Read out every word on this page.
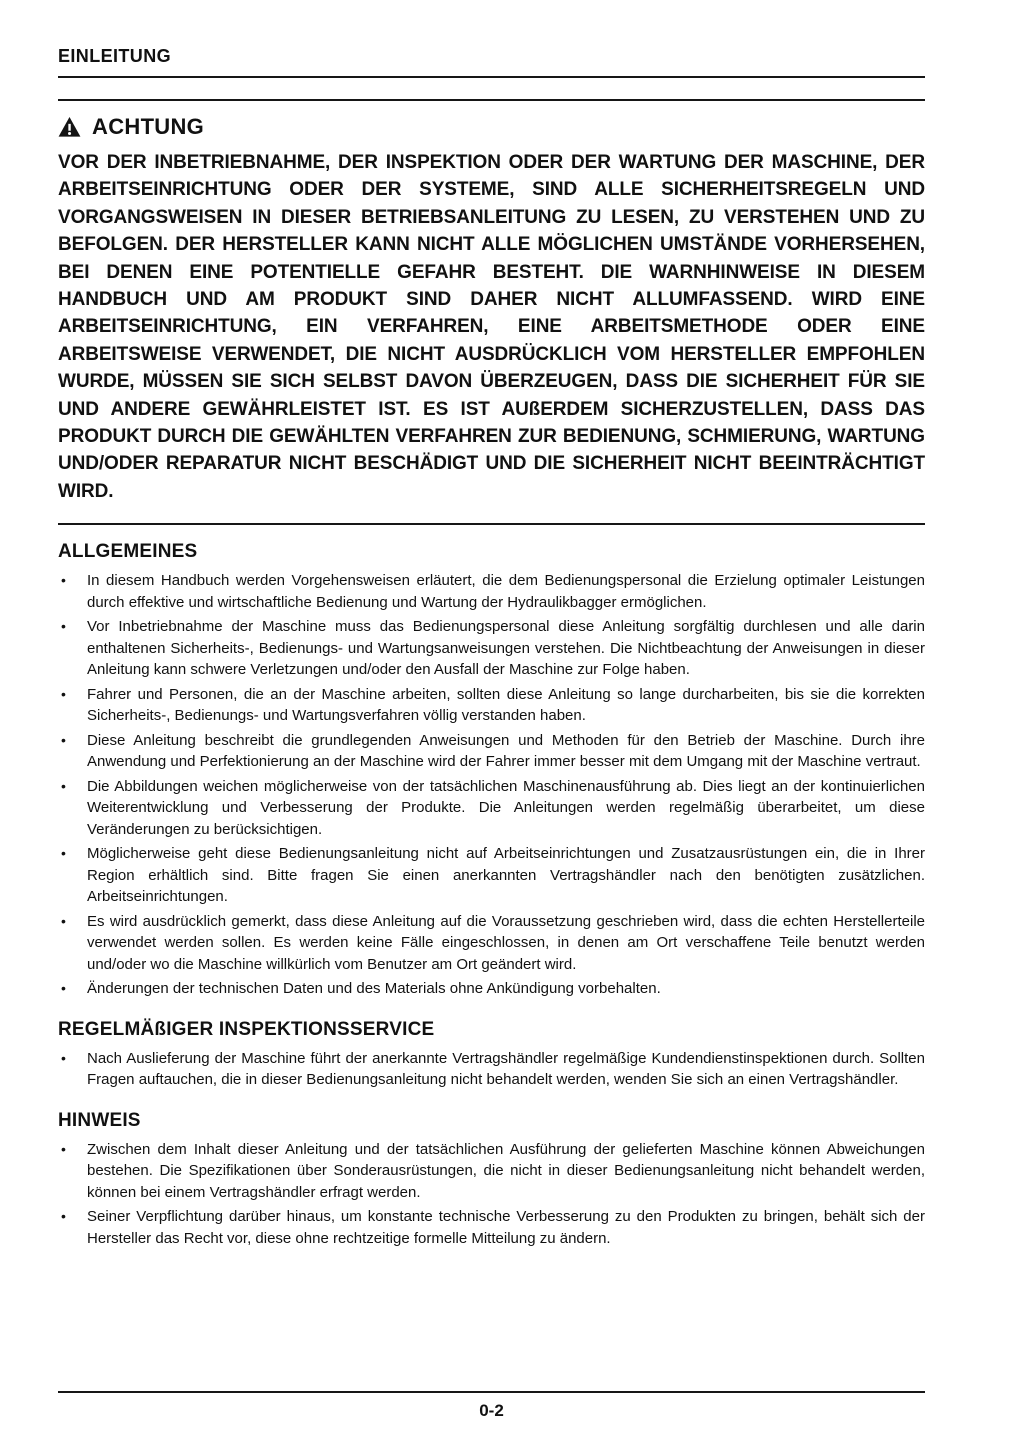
EINLEITUNG
ACHTUNG

VOR DER INBETRIEBNAHME, DER INSPEKTION ODER DER WARTUNG DER MASCHINE, DER ARBEITSEINRICHTUNG ODER DER SYSTEME, SIND ALLE SICHERHEITSREGELN UND VORGANGSWEISEN IN DIESER BETRIEBSANLEITUNG ZU LESEN, ZU VERSTEHEN UND ZU BEFOLGEN. DER HERSTELLER KANN NICHT ALLE MÖGLICHEN UMSTÄNDE VORHERSEHEN, BEI DENEN EINE POTENTIELLE GEFAHR BESTEHT. DIE WARNHINWEISE IN DIESEM HANDBUCH UND AM PRODUKT SIND DAHER NICHT ALLUMFASSEND. WIRD EINE ARBEITSEINRICHTUNG, EIN VERFAHREN, EINE ARBEITSMETHODE ODER EINE ARBEITSWEISE VERWENDET, DIE NICHT AUSDRÜCKLICH VOM HERSTELLER EMPFOHLEN WURDE, MÜSSEN SIE SICH SELBST DAVON ÜBERZEUGEN, DASS DIE SICHERHEIT FÜR SIE UND ANDERE GEWÄHRLEISTET IST. ES IST AUßERDEM SICHERZUSTELLEN, DASS DAS PRODUKT DURCH DIE GEWÄHLTEN VERFAHREN ZUR BEDIENUNG, SCHMIERUNG, WARTUNG UND/ODER REPARATUR NICHT BESCHÄDIGT UND DIE SICHERHEIT NICHT BEEINTRÄCHTIGT WIRD.

ALLGEMEINES
•	In diesem Handbuch werden Vorgehensweisen erläutert, die dem Bedienungspersonal die Erzielung optimaler Leistungen durch effektive und wirtschaftliche Bedienung und Wartung der Hydraulikbagger ermöglichen.
•	Vor Inbetriebnahme der Maschine muss das Bedienungspersonal diese Anleitung sorgfältig durchlesen und alle darin enthaltenen Sicherheits-, Bedienungs- und Wartungsanweisungen verstehen. Die Nichtbeachtung der Anweisungen in dieser Anleitung kann schwere Verletzungen und/oder den Ausfall der Maschine zur Folge haben.
•	Fahrer und Personen, die an der Maschine arbeiten, sollten diese Anleitung so lange durcharbeiten, bis sie die korrekten Sicherheits-, Bedienungs- und Wartungsverfahren völlig verstanden haben.
•	Diese Anleitung beschreibt die grundlegenden Anweisungen und Methoden für den Betrieb der Maschine. Durch ihre Anwendung und Perfektionierung an der Maschine wird der Fahrer immer besser mit dem Umgang mit der Maschine vertraut.
•	Die Abbildungen weichen möglicherweise von der tatsächlichen Maschinenausführung ab. Dies liegt an der kontinuierlichen Weiterentwicklung und Verbesserung der Produkte. Die Anleitungen werden regelmäßig überarbeitet, um diese Veränderungen zu berücksichtigen.
•	Möglicherweise geht diese Bedienungsanleitung nicht auf Arbeitseinrichtungen und Zusatzausrüstungen ein, die in Ihrer Region erhältlich sind. Bitte fragen Sie einen anerkannten Vertragshändler nach den benötigten zusätzlichen. Arbeitseinrichtungen.
•	Es wird ausdrücklich gemerkt, dass diese Anleitung auf die Voraussetzung geschrieben wird, dass die echten Herstellerteile verwendet werden sollen. Es werden keine Fälle eingeschlossen, in denen am Ort verschaffene Teile benutzt werden und/oder wo die Maschine willkürlich vom Benutzer am Ort geändert wird.
•	Änderungen der technischen Daten und des Materials ohne Ankündigung vorbehalten.
REGELMÄßIGER INSPEKTIONSSERVICE
•	Nach Auslieferung der Maschine führt der anerkannte Vertragshändler regelmäßige Kundendienstinspektionen durch. Sollten Fragen auftauchen, die in dieser Bedienungsanleitung nicht behandelt werden, wenden Sie sich an einen Vertragshändler.
HINWEIS
•	Zwischen dem Inhalt dieser Anleitung und der tatsächlichen Ausführung der gelieferten Maschine können Abweichungen bestehen. Die Spezifikationen über Sonderausrüstungen, die nicht in dieser Bedienungsanleitung nicht behandelt werden, können bei einem Vertragshändler erfragt werden.
•	Seiner Verpflichtung darüber hinaus, um konstante technische Verbesserung zu den Produkten zu bringen, behält sich der Hersteller das Recht vor, diese ohne rechtzeitige formelle Mitteilung zu ändern.
0-2
